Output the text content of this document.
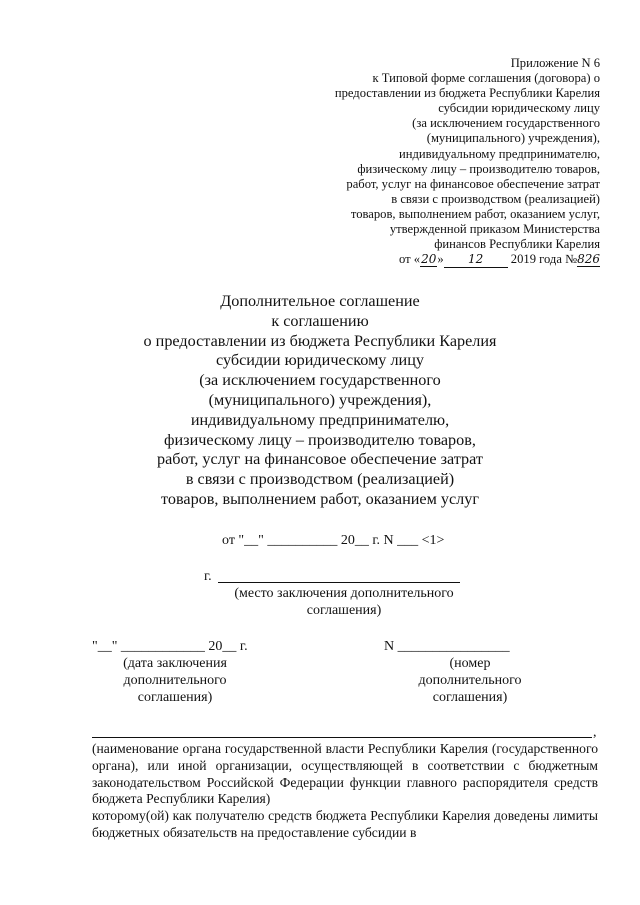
Приложение N 6
к Типовой форме соглашения (договора) о
предоставлении из бюджета Республики Карелия
субсидии юридическому лицу
(за исключением государственного
(муниципального) учреждения),
индивидуальному предпринимателю,
физическому лицу – производителю товаров,
работ, услуг на финансовое обеспечение затрат
в связи с производством (реализацией)
товаров, выполнением работ, оказанием услуг,
утвержденной приказом Министерства
финансов Республики Карелия
от «20» 12 2019 года №826
Дополнительное соглашение
к соглашению
о предоставлении из бюджета Республики Карелия
субсидии юридическому лицу
(за исключением государственного
(муниципального) учреждения),
индивидуальному предпринимателю,
физическому лицу – производителю товаров,
работ, услуг на финансовое обеспечение затрат
в связи с производством (реализацией)
товаров, выполнением работ, оказанием услуг
от "__" __________ 20__ г. N ___ <1>
г.
(место заключения дополнительного
соглашения)
"__" ____________ 20__ г.
(дата заключения
дополнительного
соглашения)
N ________________
(номер
дополнительного
соглашения)
,

(наименование органа государственной власти Республики Карелия (государственного органа), или иной организации, осуществляющей в соответствии с бюджетным законодательством Российской Федерации функции главного распорядителя средств бюджета Республики Карелия)

которому(ой) как получателю средств бюджета Республики Карелия доведены лимиты бюджетных обязательств на предоставление субсидии в
